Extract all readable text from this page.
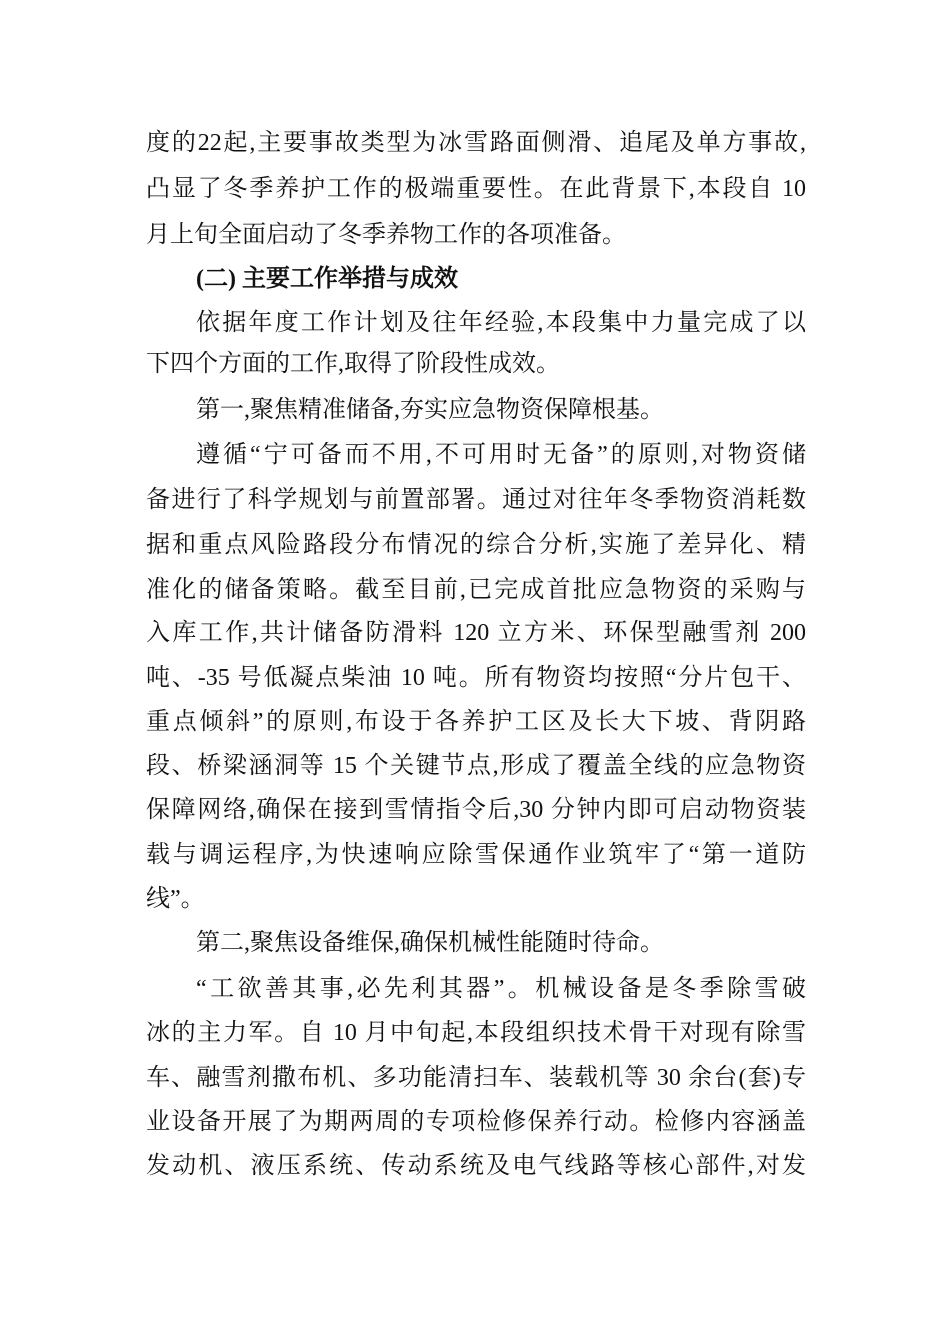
度的22起,主要事故类型为冰雪路面侧滑、追尾及单方事故,
凸显了冬季养护工作的极端重要性。在此背景下,本段自 10
月上旬全面启动了冬季养物工作的各项准备。
(二) 主要工作举措与成效
依据年度工作计划及往年经验,本段集中力量完成了以
下四个方面的工作,取得了阶段性成效。
第一,聚焦精准储备,夯实应急物资保障根基。
遵循“宁可备而不用,不可用时无备”的原则,对物资储
备进行了科学规划与前置部署。通过对往年冬季物资消耗数
据和重点风险路段分布情况的综合分析,实施了差异化、精
准化的储备策略。截至目前,已完成首批应急物资的采购与
入库工作,共计储备防滑料 120 立方米、环保型融雪剂 200
吨、-35 号低凝点柴油 10 吨。所有物资均按照“分片包干、
重点倾斜”的原则,布设于各养护工区及长大下坡、背阴路
段、桥梁涵洞等 15 个关键节点,形成了覆盖全线的应急物资
保障网络,确保在接到雪情指令后,30 分钟内即可启动物资装
载与调运程序,为快速响应除雪保通作业筑牢了“第一道防
线”。
第二,聚焦设备维保,确保机械性能随时待命。
“工欲善其事,必先利其器”。机械设备是冬季除雪破
冰的主力军。自 10 月中旬起,本段组织技术骨干对现有除雪
车、融雪剂撒布机、多功能清扫车、装载机等 30 余台(套)专
业设备开展了为期两周的专项检修保养行动。检修内容涵盖
发动机、液压系统、传动系统及电气线路等核心部件,对发
